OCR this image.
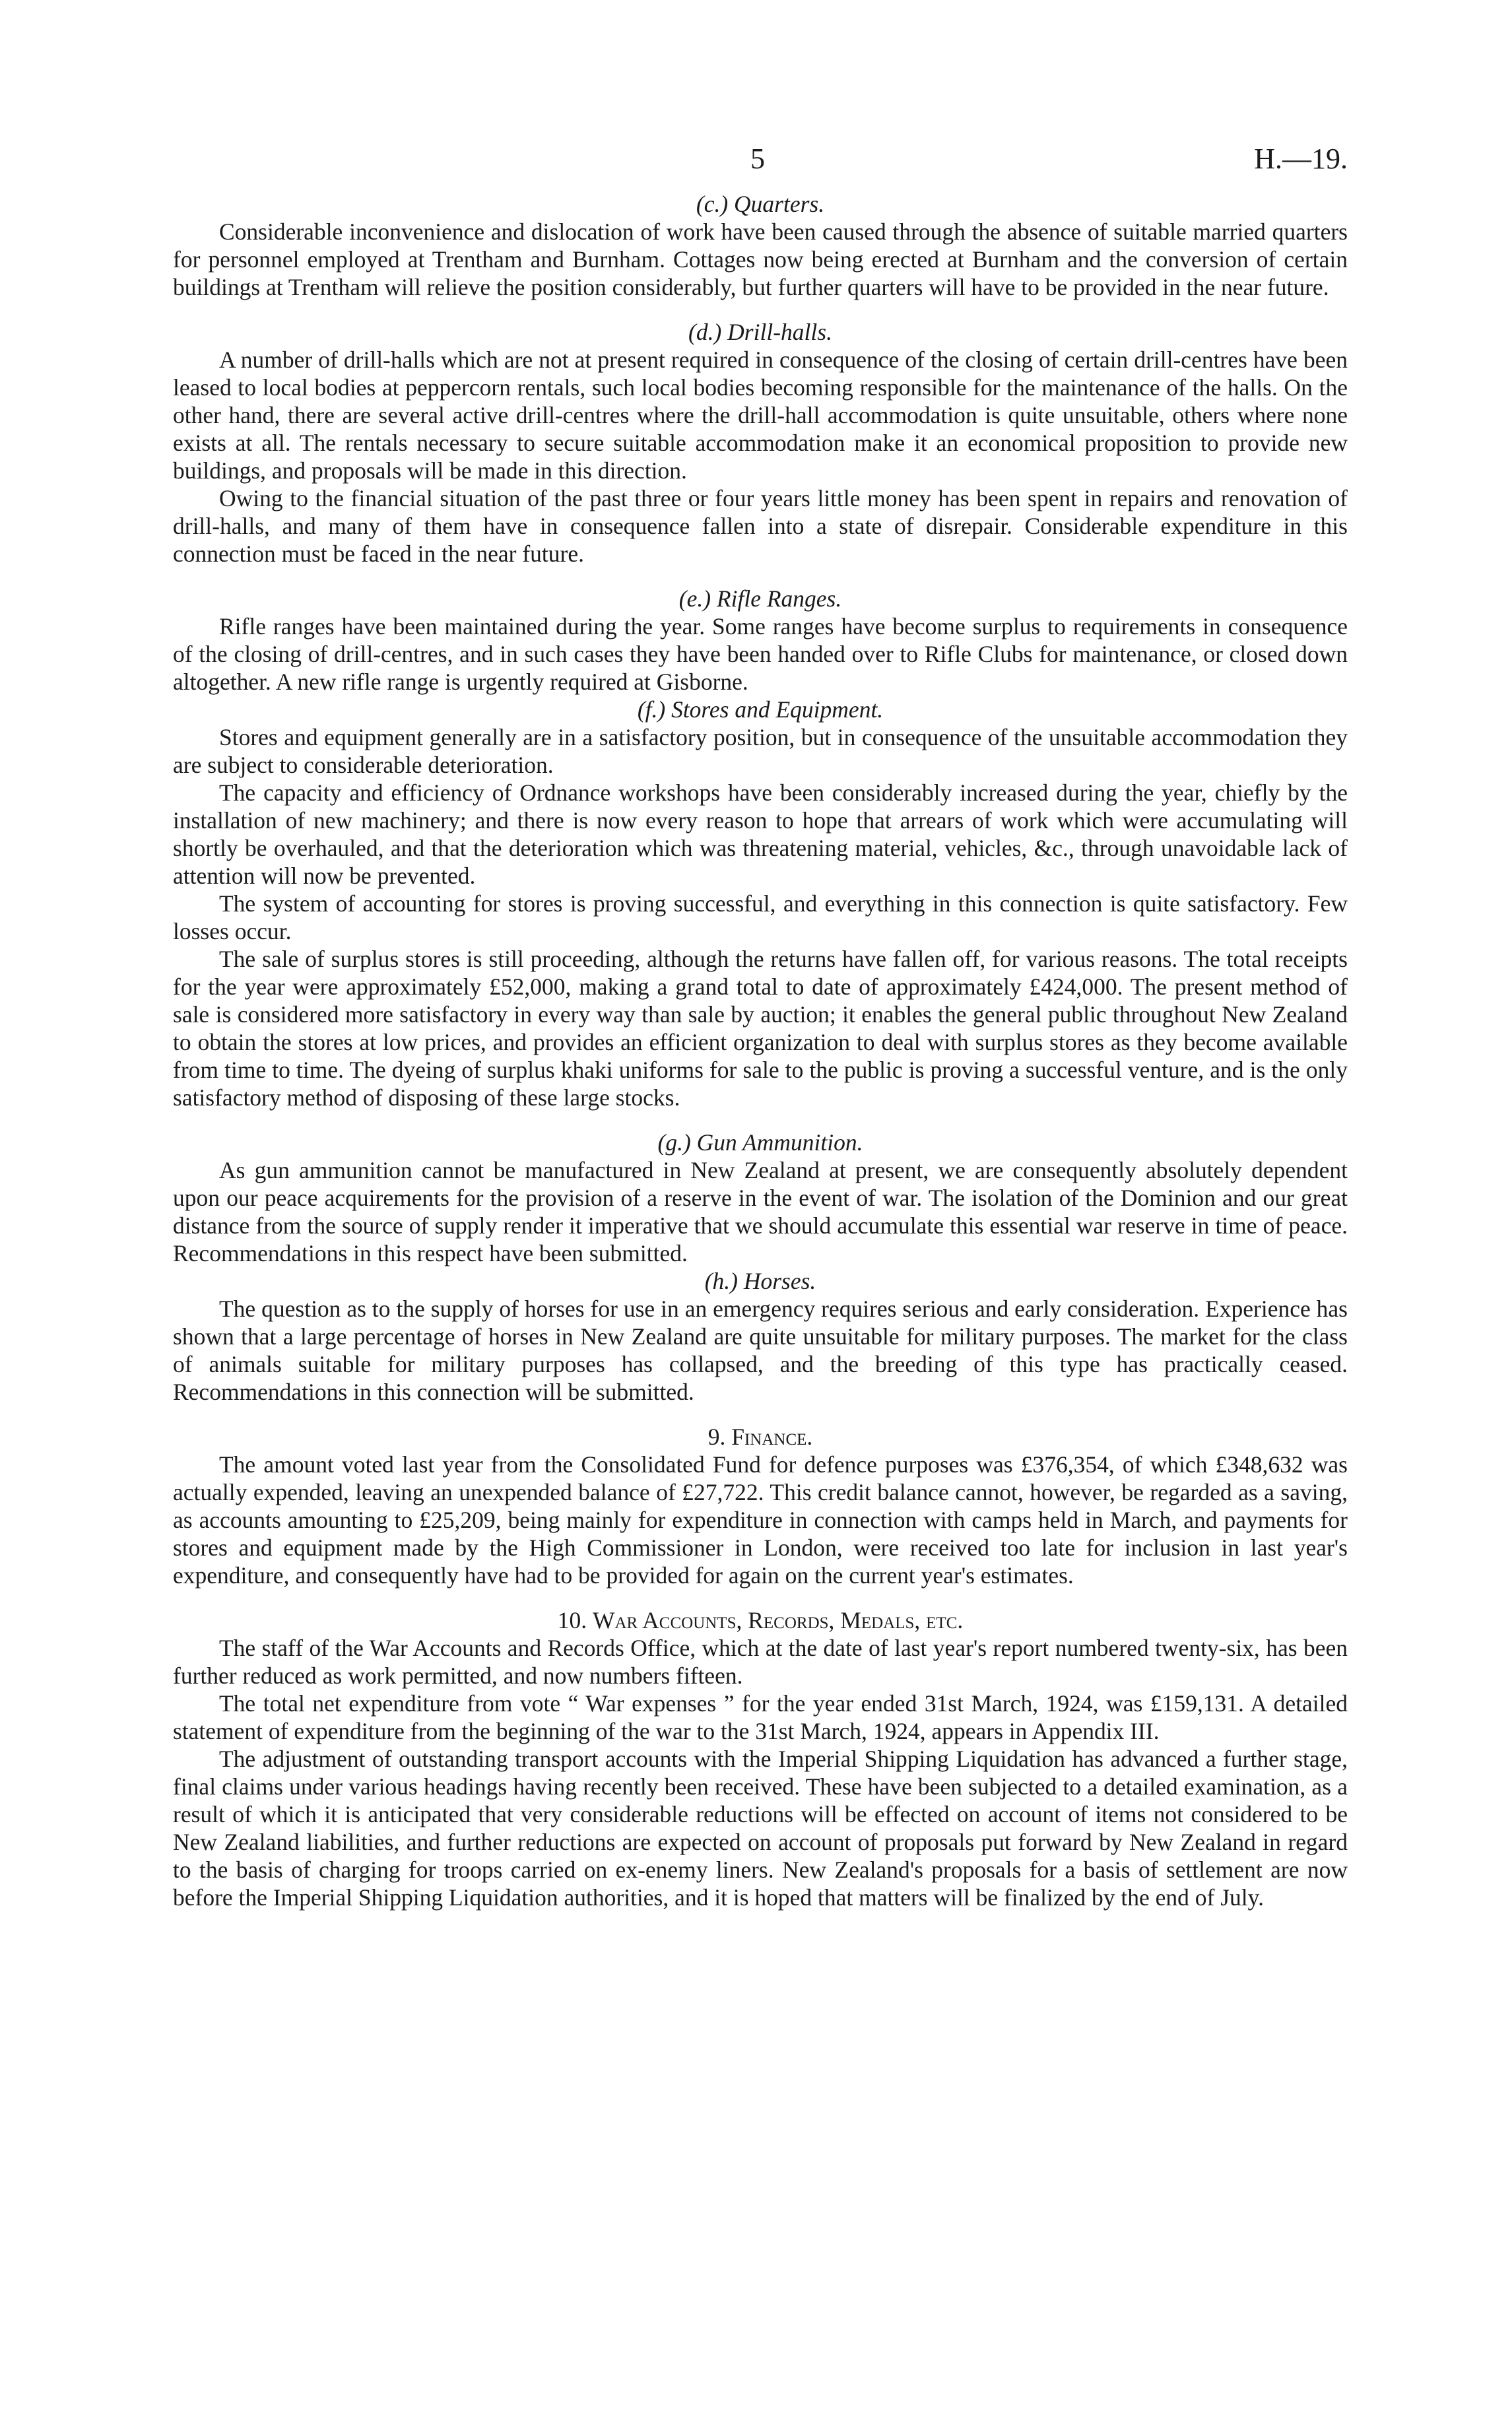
5	H.—19.
(c.) Quarters.

Considerable inconvenience and dislocation of work have been caused through the absence of suitable married quarters for personnel employed at Trentham and Burnham. Cottages now being erected at Burnham and the conversion of certain buildings at Trentham will relieve the position considerably, but further quarters will have to be provided in the near future.

(d.) Drill-halls.

A number of drill-halls which are not at present required in consequence of the closing of certain drill-centres have been leased to local bodies at peppercorn rentals, such local bodies becoming responsible for the maintenance of the halls. On the other hand, there are several active drill-centres where the drill-hall accommodation is quite unsuitable, others where none exists at all. The rentals necessary to secure suitable accommodation make it an economical proposition to provide new buildings, and proposals will be made in this direction.

Owing to the financial situation of the past three or four years little money has been spent in repairs and renovation of drill-halls, and many of them have in consequence fallen into a state of disrepair. Considerable expenditure in this connection must be faced in the near future.

(e.) Rifle Ranges.

Rifle ranges have been maintained during the year. Some ranges have become surplus to requirements in consequence of the closing of drill-centres, and in such cases they have been handed over to Rifle Clubs for maintenance, or closed down altogether. A new rifle range is urgently required at Gisborne.

(f.) Stores and Equipment.

Stores and equipment generally are in a satisfactory position, but in consequence of the unsuitable accommodation they are subject to considerable deterioration.

The capacity and efficiency of Ordnance workshops have been considerably increased during the year, chiefly by the installation of new machinery; and there is now every reason to hope that arrears of work which were accumulating will shortly be overhauled, and that the deterioration which was threatening material, vehicles, &c., through unavoidable lack of attention will now be prevented.

The system of accounting for stores is proving successful, and everything in this connection is quite satisfactory. Few losses occur.

The sale of surplus stores is still proceeding, although the returns have fallen off, for various reasons. The total receipts for the year were approximately £52,000, making a grand total to date of approximately £424,000. The present method of sale is considered more satisfactory in every way than sale by auction; it enables the general public throughout New Zealand to obtain the stores at low prices, and provides an efficient organization to deal with surplus stores as they become available from time to time. The dyeing of surplus khaki uniforms for sale to the public is proving a successful venture, and is the only satisfactory method of disposing of these large stocks.

(g.) Gun Ammunition.

As gun ammunition cannot be manufactured in New Zealand at present, we are consequently absolutely dependent upon our peace acquirements for the provision of a reserve in the event of war. The isolation of the Dominion and our great distance from the source of supply render it imperative that we should accumulate this essential war reserve in time of peace. Recommendations in this respect have been submitted.

(h.) Horses.

The question as to the supply of horses for use in an emergency requires serious and early consideration. Experience has shown that a large percentage of horses in New Zealand are quite unsuitable for military purposes. The market for the class of animals suitable for military purposes has collapsed, and the breeding of this type has practically ceased. Recommendations in this connection will be submitted.

9. Finance.

The amount voted last year from the Consolidated Fund for defence purposes was £376,354, of which £348,632 was actually expended, leaving an unexpended balance of £27,722. This credit balance cannot, however, be regarded as a saving, as accounts amounting to £25,209, being mainly for expenditure in connection with camps held in March, and payments for stores and equipment made by the High Commissioner in London, were received too late for inclusion in last year's expenditure, and consequently have had to be provided for again on the current year's estimates.

10. War Accounts, Records, Medals, etc.

The staff of the War Accounts and Records Office, which at the date of last year's report numbered twenty-six, has been further reduced as work permitted, and now numbers fifteen.

The total net expenditure from vote “ War expenses ” for the year ended 31st March, 1924, was £159,131. A detailed statement of expenditure from the beginning of the war to the 31st March, 1924, appears in Appendix III.

The adjustment of outstanding transport accounts with the Imperial Shipping Liquidation has advanced a further stage, final claims under various headings having recently been received. These have been subjected to a detailed examination, as a result of which it is anticipated that very considerable reductions will be effected on account of items not considered to be New Zealand liabilities, and further reductions are expected on account of proposals put forward by New Zealand in regard to the basis of charging for troops carried on ex-enemy liners. New Zealand's proposals for a basis of settlement are now before the Imperial Shipping Liquidation authorities, and it is hoped that matters will be finalized by the end of July.
